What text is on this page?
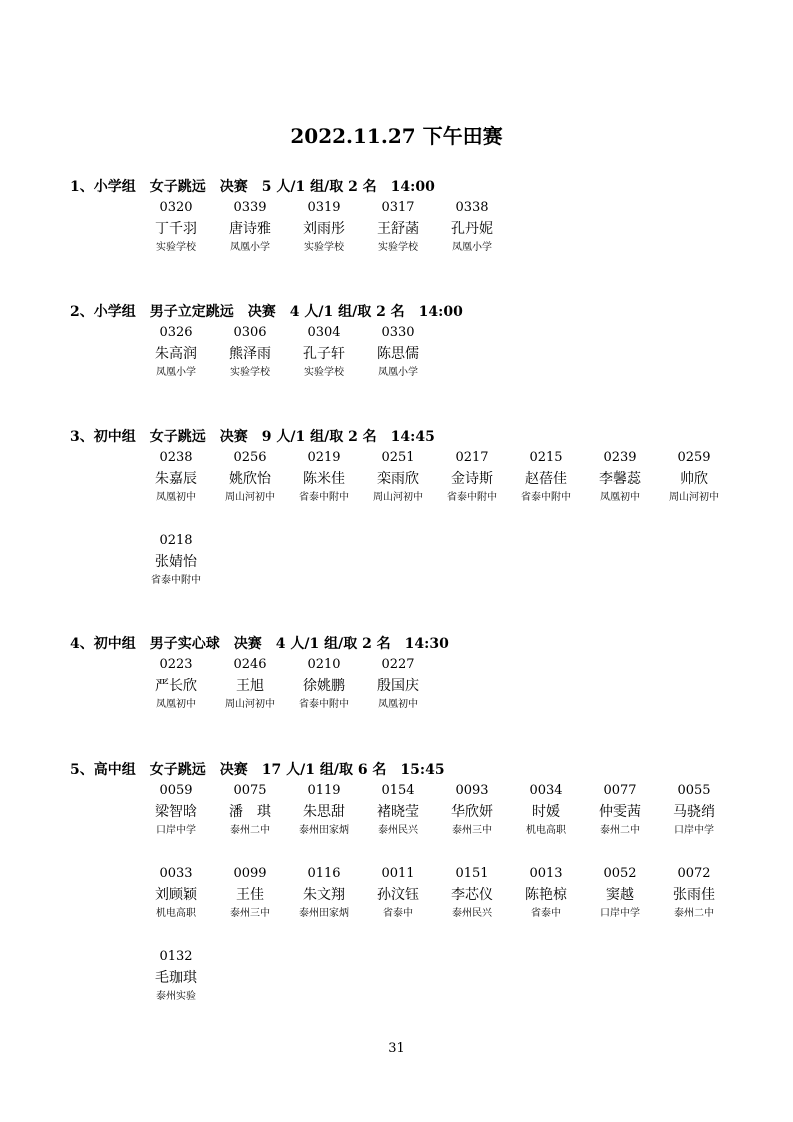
2022.11.27 下午田赛
1、小学组　女子跳远　决赛　5 人/1 组/取 2 名　14:00
0320
丁千羽
实验学校
0339
唐诗雅
凤凰小学
0319
刘雨彤
实验学校
0317
王舒菡
实验学校
0338
孔丹妮
凤凰小学
2、小学组　男子立定跳远　决赛　4 人/1 组/取 2 名　14:00
0326
朱高润
凤凰小学
0306
熊泽雨
实验学校
0304
孔子轩
实验学校
0330
陈思儒
凤凰小学
3、初中组　女子跳远　决赛　9 人/1 组/取 2 名　14:45
0238
朱嘉辰
凤凰初中
0256
姚欣怡
周山河初中
0219
陈米佳
省泰中附中
0251
栾雨欣
周山河初中
0217
金诗斯
省泰中附中
0215
赵蓓佳
省泰中附中
0239
李馨蕊
凤凰初中
0259
帅欣
周山河初中
0218
张婧怡
省泰中附中
4、初中组　男子实心球　决赛　4 人/1 组/取 2 名　14:30
0223
严长欣
凤凰初中
0246
王旭
周山河初中
0210
徐姚鹏
省泰中附中
0227
殷国庆
凤凰初中
5、高中组　女子跳远　决赛　17 人/1 组/取 6 名　15:45
0059
梁智晗
口岸中学
0075
潘　琪
泰州二中
0119
朱思甜
泰州田家炳
0154
褚晓莹
泰州民兴
0093
华欣妍
泰州三中
0034
时媛
机电高职
0077
仲雯茜
泰州二中
0055
马骁绡
口岸中学
0033
刘顾颖
机电高职
0099
王佳
泰州三中
0116
朱文翔
泰州田家炳
0011
孙汶钰
省泰中
0151
李芯仪
泰州民兴
0013
陈艳椋
省泰中
0052
窦越
口岸中学
0072
张雨佳
泰州二中
0132
毛珈琪
泰州实验
31
